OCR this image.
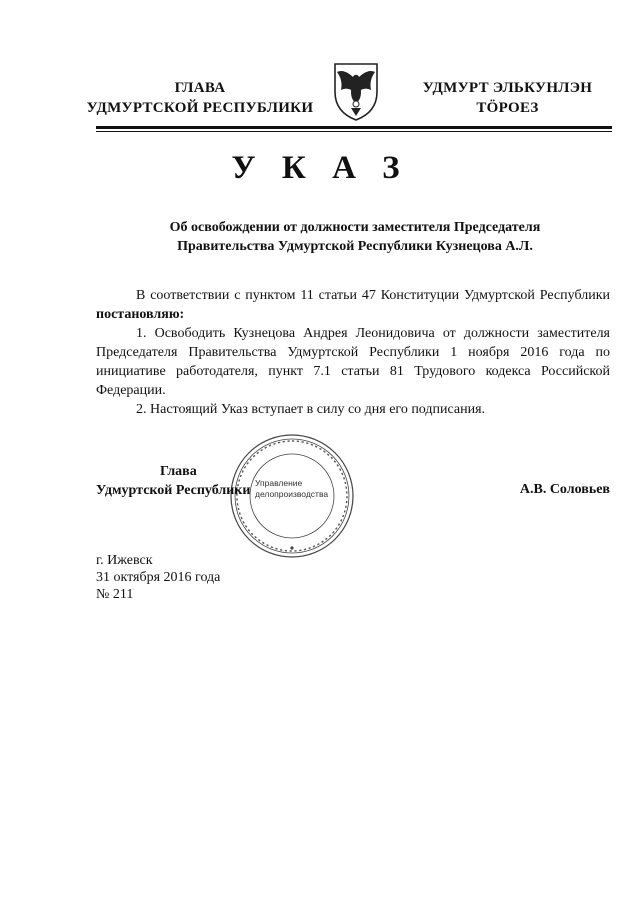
ГЛАВА
УДМУРТСКОЙ РЕСПУБЛИКИ
УДМУРТ ЭЛЬКУНЛЭН
ТӦРОЕЗ
У К А З
Об освобождении от должности заместителя Председателя
Правительства Удмуртской Республики Кузнецова А.Л.

В соответствии с пунктом 11 статьи 47 Конституции Удмуртской Республики постановляю:

1. Освободить Кузнецова Андрея Леонидовича от должности заместителя Председателя Правительства Удмуртской Республики 1 ноября 2016 года по инициативе работодателя, пункт 7.1 статьи 81 Трудового кодекса Российской Федерации.

2. Настоящий Указ вступает в силу со дня его подписания.

Управление
делопроизводства
Глава
Удмуртской Республики	А.В. Соловьев
г. Ижевск
31 октября 2016 года
№ 211
